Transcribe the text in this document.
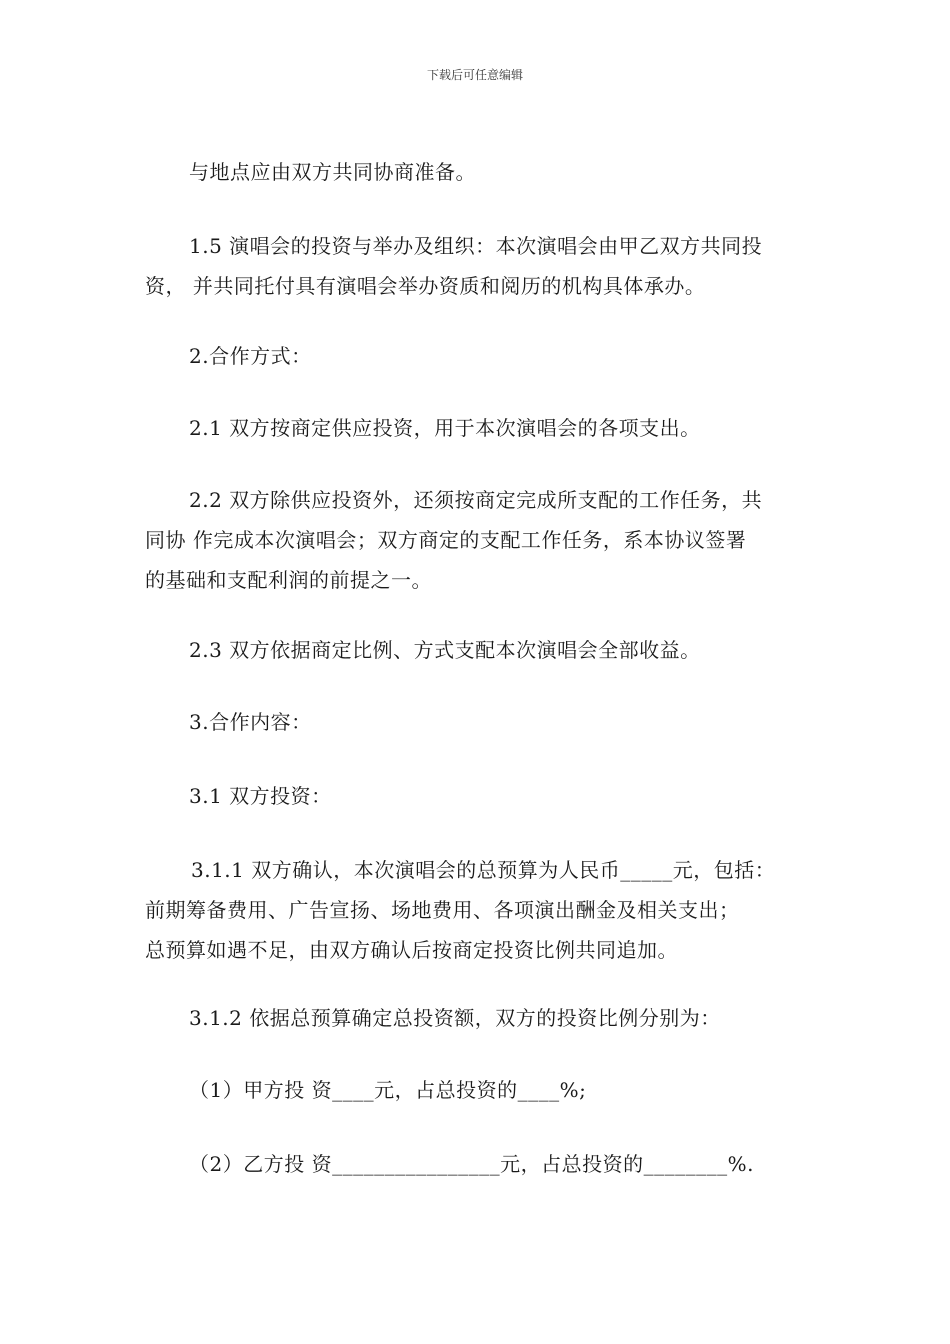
下载后可任意编辑

与地点应由双方共同协商准备。

1.5 演唱会的投资与举办及组织：本次演唱会由甲乙双方共同投
资， 并共同托付具有演唱会举办资质和阅历的机构具体承办。

2.合作方式：

2.1 双方按商定供应投资，用于本次演唱会的各项支出。

2.2 双方除供应投资外，还须按商定完成所支配的工作任务，共
同协 作完成本次演唱会；双方商定的支配工作任务，系本协议签署
的基础和支配利润的前提之一。

2.3 双方依据商定比例、方式支配本次演唱会全部收益。

3.合作内容：

3.1 双方投资：

3.1.1 双方确认，本次演唱会的总预算为人民币_____元，包括：
前期筹备费用、广告宣扬、场地费用、各项演出酬金及相关支出；
总预算如遇不足，由双方确认后按商定投资比例共同追加。

3.1.2 依据总预算确定总投资额，双方的投资比例分别为：

（1）甲方投 资____元，占总投资的____%;

（2）乙方投 资________________元，占总投资的________%.
